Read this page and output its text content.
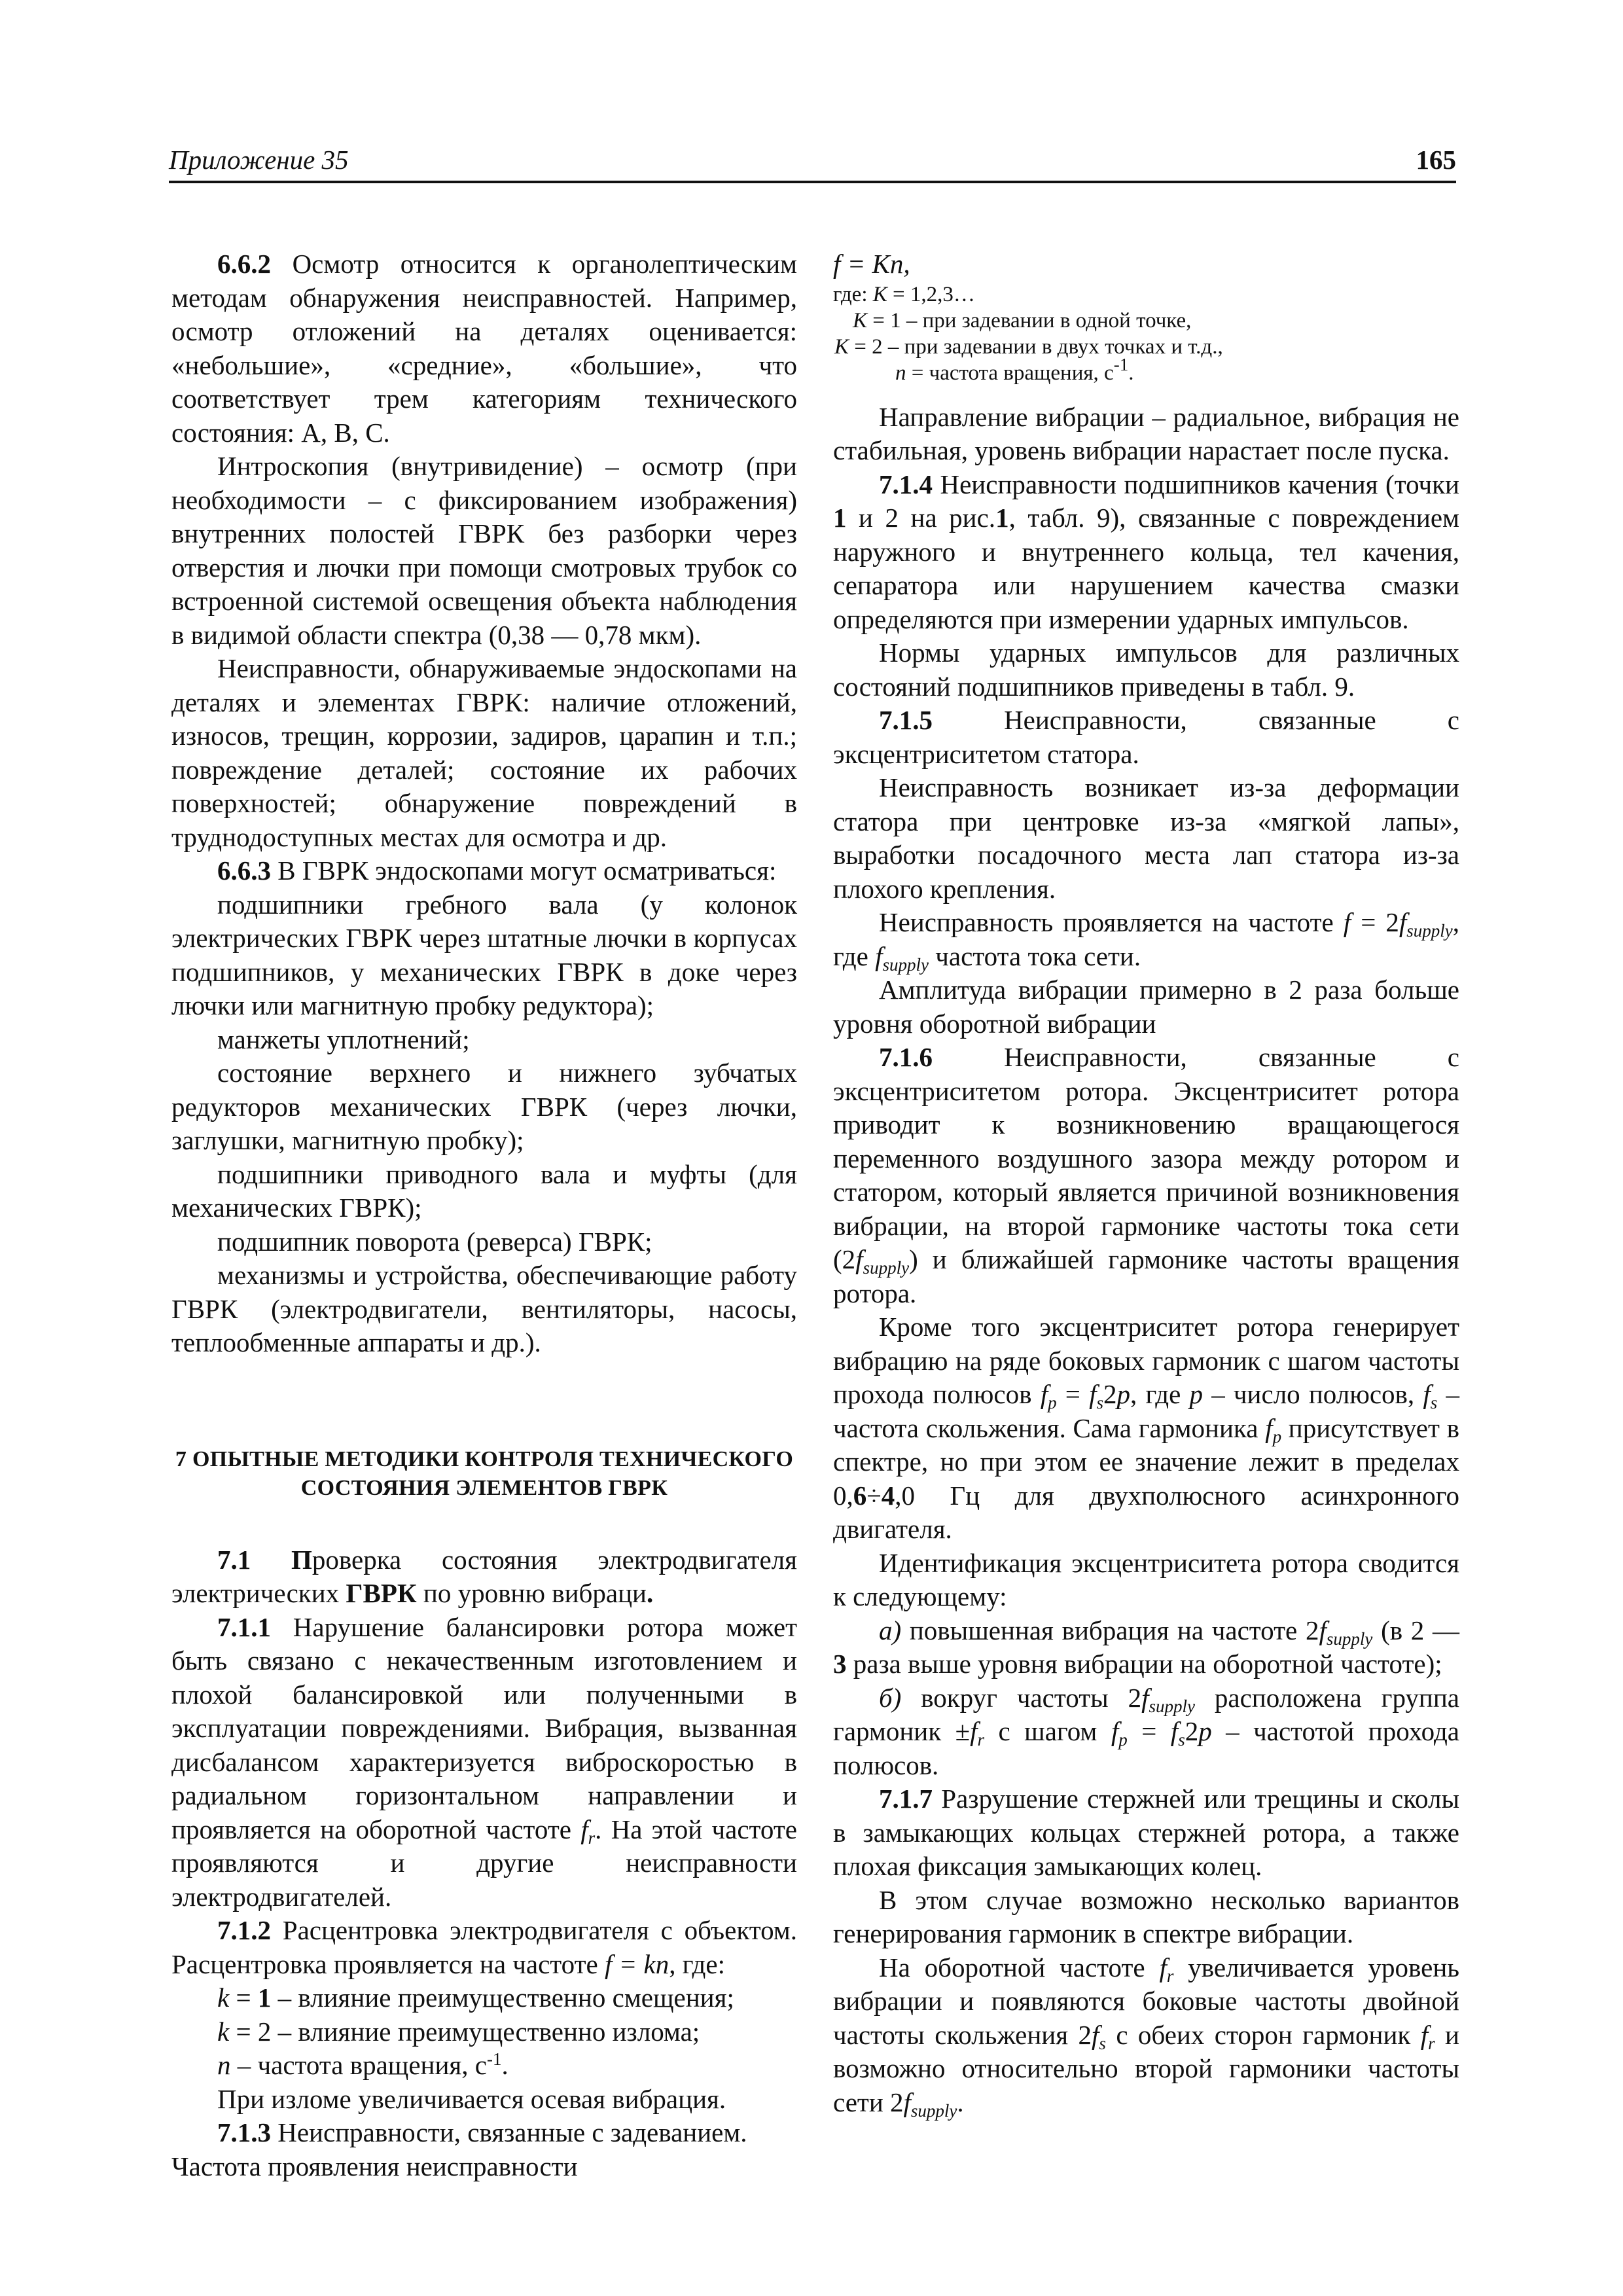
Приложение 35	165

6.6.2 Осмотр относится к органолептическим методам обнаружения неисправностей. Например, осмотр отложений на деталях оценивается: «небольшие», «средние», «большие», что соответствует трем категориям технического состояния: А, В, С.

Интроскопия (внутривидение) – осмотр (при необходимости – с фиксированием изображения) внутренних полостей ГВРК без разборки через отверстия и лючки при помощи смотровых трубок со встроенной системой освещения объекта наблюдения в видимой области спектра (0,38 — 0,78 мкм).

Неисправности, обнаруживаемые эндоскопами на деталях и элементах ГВРК: наличие отложений, износов, трещин, коррозии, задиров, царапин и т.п.; повреждение деталей; состояние их рабочих поверхностей; обнаружение повреждений в труднодоступных местах для осмотра и др.

6.6.3 В ГВРК эндоскопами могут осматриваться:

подшипники гребного вала (у колонок электрических ГВРК через штатные лючки в корпусах подшипников, у механических ГВРК в доке через лючки или магнитную пробку редуктора);

манжеты уплотнений;

состояние верхнего и нижнего зубчатых редукторов механических ГВРК (через лючки, заглушки, магнитную пробку);

подшипники приводного вала и муфты (для механических ГВРК);

подшипник поворота (реверса) ГВРК;

механизмы и устройства, обеспечивающие работу ГВРК (электродвигатели, вентиляторы, насосы, теплообменные аппараты и др.).

7 ОПЫТНЫЕ МЕТОДИКИ КОНТРОЛЯ ТЕХНИЧЕСКОГО
СОСТОЯНИЯ ЭЛЕМЕНТОВ ГВРК

7.1 Проверка состояния электродвигателя электрических ГВРК по уровню вибраци.

7.1.1 Нарушение балансировки ротора может быть связано с некачественным изготовлением и плохой балансировкой или полученными в эксплуатации повреждениями. Вибрация, вызванная дисбалансом характеризуется виброскоростью в радиальном горизонтальном направлении и проявляется на оборотной частоте $f_r$. На этой частоте проявляются и другие неисправности электродвигателей.

7.1.2 Расцентровка электродвигателя с объектом. Расцентровка проявляется на частоте f = kn, где:

k = 1 – влияние преимущественно смещения;

k = 2 – влияние преимущественно излома;

n – частота вращения, $с^{-1}$.

При изломе увеличивается осевая вибрация.

7.1.3 Неисправности, связанные с задеванием.

Частота проявления неисправности

f = Kn,

где: K = 1,2,3…
K = 1 – при задевании в одной точке,
K = 2 – при задевании в двух точках и т.д.,
n = частота вращения, $с^{-1}$.

Направление вибрации – радиальное, вибрация не стабильная, уровень вибрации нарастает после пуска.

7.1.4 Неисправности подшипников качения (точки 1 и 2 на рис.1, табл. 9), связанные с повреждением наружного и внутреннего кольца, тел качения, сепаратора или нарушением качества смазки определяются при измерении ударных импульсов.

Нормы ударных импульсов для различных состояний подшипников приведены в табл. 9.

7.1.5 Неисправности, связанные с эксцентриситетом статора.

Неисправность возникает из-за деформации статора при центровке из-за «мягкой лапы», выработки посадочного места лап статора из-за плохого крепления.

Неисправность проявляется на частоте $f = 2f_{supply}$, где $f_{supply}$ частота тока сети.

Амплитуда вибрации примерно в 2 раза больше уровня оборотной вибрации

7.1.6 Неисправности, связанные с эксцентриситетом ротора. Эксцентриситет ротора приводит к возникновению вращающегося переменного воздушного зазора между ротором и статором, который является причиной возникновения вибрации, на второй гармонике частоты тока сети $(2f_{supply})$ и ближайшей гармонике частоты вращения ротора.

Кроме того эксцентриситет ротора генерирует вибрацию на ряде боковых гармоник с шагом частоты прохода полюсов $f_p = f_s2p$, где p – число полюсов, $f_s$ – частота скольжения. Сама гармоника $f_p$ присутствует в спектре, но при этом ее значение лежит в пределах 0,6÷4,0 Гц для двухполюсного асинхронного двигателя.

Идентификация эксцентриситета ротора сводится к следующему:

а) повышенная вибрация на частоте $2f_{supply}$ (в 2 — 3 раза выше уровня вибрации на оборотной частоте);

б) вокруг частоты $2f_{supply}$ расположена группа гармоник $\pm f_r$ с шагом $f_p = f_s2p$ – частотой прохода полюсов.

7.1.7 Разрушение стержней или трещины и сколы в замыкающих кольцах стержней ротора, а также плохая фиксация замыкающих колец.

В этом случае возможно несколько вариантов генерирования гармоник в спектре вибрации.

На оборотной частоте $f_r$ увеличивается уровень вибрации и появляются боковые частоты двойной частоты скольжения $2f_s$ с обеих сторон гармоник $f_r$ и возможно относительно второй гармоники частоты сети $2f_{supply}$.
